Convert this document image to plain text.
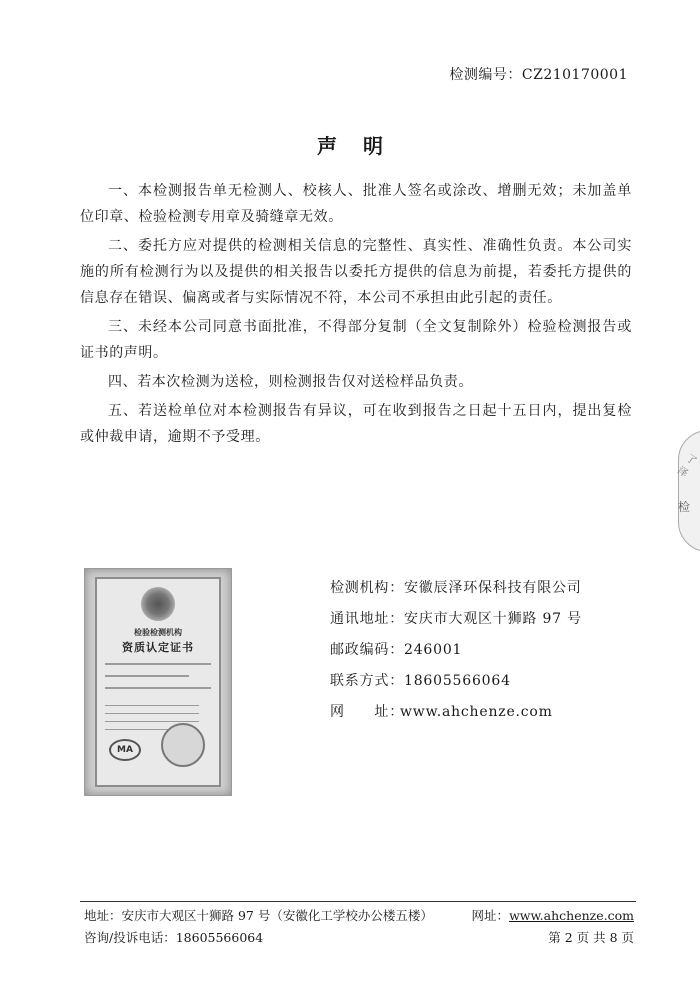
检测编号：CZ210170001
声明

一、本检测报告单无检测人、校核人、批准人签名或涂改、增删无效；未加盖单位印章、检验检测专用章及骑缝章无效。

二、委托方应对提供的检测相关信息的完整性、真实性、准确性负责。本公司实施的所有检测行为以及提供的相关报告以委托方提供的信息为前提，若委托方提供的信息存在错误、偏离或者与实际情况不符，本公司不承担由此引起的责任。

三、未经本公司同意书面批准，不得部分复制（全文复制除外）检验检测报告或证书的声明。

四、若本次检测为送检，则检测报告仅对送检样品负责。

五、若送检单位对本检测报告有异议，可在收到报告之日起十五日内，提出复检或仲裁申请，逾期不予受理。

检验检测机构
资质认定证书
MA
检测机构：安徽辰泽环保科技有限公司
通讯地址：安庆市大观区十狮路 97 号
邮政编码：246001
联系方式：18605566064
网　　址：www.ahchenze.com
了泽
检
地址：安庆市大观区十狮路 97 号（安徽化工学校办公楼五楼）
咨询/投诉电话：18605566064
网址：www.ahchenze.com
第 2 页 共 8 页
